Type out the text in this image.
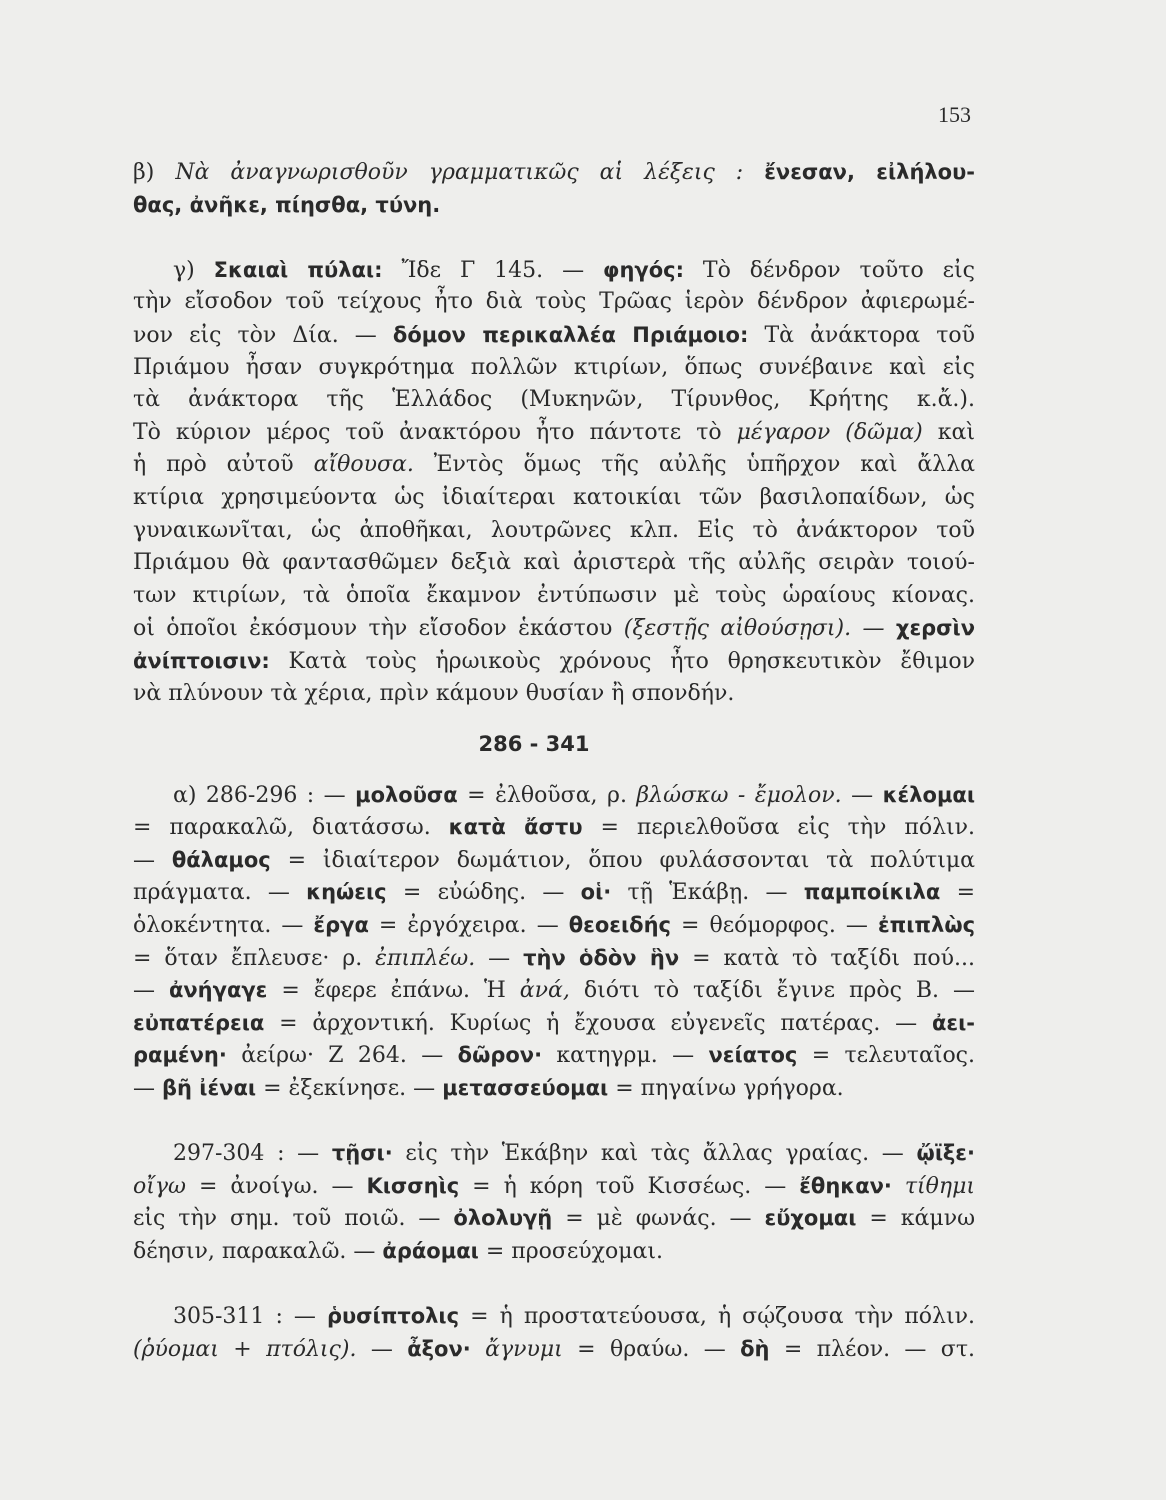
153
β) Νὰ ἀναγνωρισθοῦν γραμματικῶς αἱ λέξεις : ἔνεσαν, εἰλήλου-
θας, ἀνῆκε, πίησθα, τύνη.
γ) Σκαιαὶ πύλαι: Ἴδε Γ 145. — φηγός: Τὸ δένδρον τοῦτο εἰς
τὴν εἴσοδον τοῦ τείχους ἦτο διὰ τοὺς Τρῶας ἱερὸν δένδρον ἀφιερωμέ-
νον εἰς τὸν Δία. — δόμον περικαλλέα Πριάμοιο: Τὰ ἀνάκτορα τοῦ
Πριάμου ἦσαν συγκρότημα πολλῶν κτιρίων, ὅπως συνέβαινε καὶ εἰς
τὰ ἀνάκτορα τῆς Ἑλλάδος (Μυκηνῶν, Τίρυνθος, Κρήτης κ.ἄ.).
Τὸ κύριον μέρος τοῦ ἀνακτόρου ἦτο πάντοτε τὸ μέγαρον (δῶμα) καὶ
ἡ πρὸ αὐτοῦ αἴθουσα. Ἐντὸς ὅμως τῆς αὐλῆς ὑπῆρχον καὶ ἄλλα
κτίρια χρησιμεύοντα ὡς ἰδιαίτεραι κατοικίαι τῶν βασιλοπαίδων, ὡς
γυναικωνῖται, ὡς ἀποθῆκαι, λουτρῶνες κλπ. Εἰς τὸ ἀνάκτορον τοῦ
Πριάμου θὰ φαντασθῶμεν δεξιὰ καὶ ἀριστερὰ τῆς αὐλῆς σειρὰν τοιού-
των κτιρίων, τὰ ὁποῖα ἔκαμνον ἐντύπωσιν μὲ τοὺς ὡραίους κίονας.
οἱ ὁποῖοι ἐκόσμουν τὴν εἴσοδον ἑκάστου (ξεστῇς αἰθούσῃσι). — χερσὶν
ἀνίπτοισιν: Κατὰ τοὺς ἡρωικοὺς χρόνους ἦτο θρησκευτικὸν ἔθιμον
νὰ πλύνουν τὰ χέρια, πρὶν κάμουν θυσίαν ἢ σπονδήν.
286 - 341
α) 286-296 : — μολοῦσα = ἐλθοῦσα, ρ. βλώσκω - ἔμολον. — κέλομαι
= παρακαλῶ, διατάσσω. κατὰ ἄστυ = περιελθοῦσα εἰς τὴν πόλιν.
— θάλαμος = ἰδιαίτερον δωμάτιον, ὅπου φυλάσσονται τὰ πολύτιμα
πράγματα. — κηώεις = εὐώδης. — οἱ· τῇ Ἑκάβῃ. — παμποίκιλα =
ὁλοκέντητα. — ἔργα = ἐργόχειρα. — θεοειδής = θεόμορφος. — ἐπιπλὼς
= ὅταν ἔπλευσε· ρ. ἐπιπλέω. — τὴν ὁδὸν ἣν = κατὰ τὸ ταξίδι πού...
— ἀνήγαγε = ἔφερε ἐπάνω. Ἡ ἀνά, διότι τὸ ταξίδι ἔγινε πρὸς Β. —
εὐπατέρεια = ἀρχοντική. Κυρίως ἡ ἔχουσα εὐγενεῖς πατέρας. — ἀει-
ραμένη· ἀείρω· Ζ 264. — δῶρον· κατηγρμ. — νείατος = τελευταῖος.
— βῆ ἰέναι = ἐξεκίνησε. — μετασσεύομαι = πηγαίνω γρήγορα.
297-304 : — τῇσι· εἰς τὴν Ἑκάβην καὶ τὰς ἄλλας γραίας. — ᾤϊξε·
οἴγω = ἀνοίγω. — Κισσηὶς = ἡ κόρη τοῦ Κισσέως. — ἔθηκαν· τίθημι
εἰς τὴν σημ. τοῦ ποιῶ. — ὀλολυγῇ = μὲ φωνάς. — εὔχομαι = κάμνω
δέησιν, παρακαλῶ. — ἀράομαι = προσεύχομαι.
305-311 : — ῥυσίπτολις = ἡ προστατεύουσα, ἡ σῴζουσα τὴν πόλιν.
(ῥύομαι + πτόλις). — ἆξον· ἄγνυμι = θραύω. — δὴ = πλέον. — στ.
